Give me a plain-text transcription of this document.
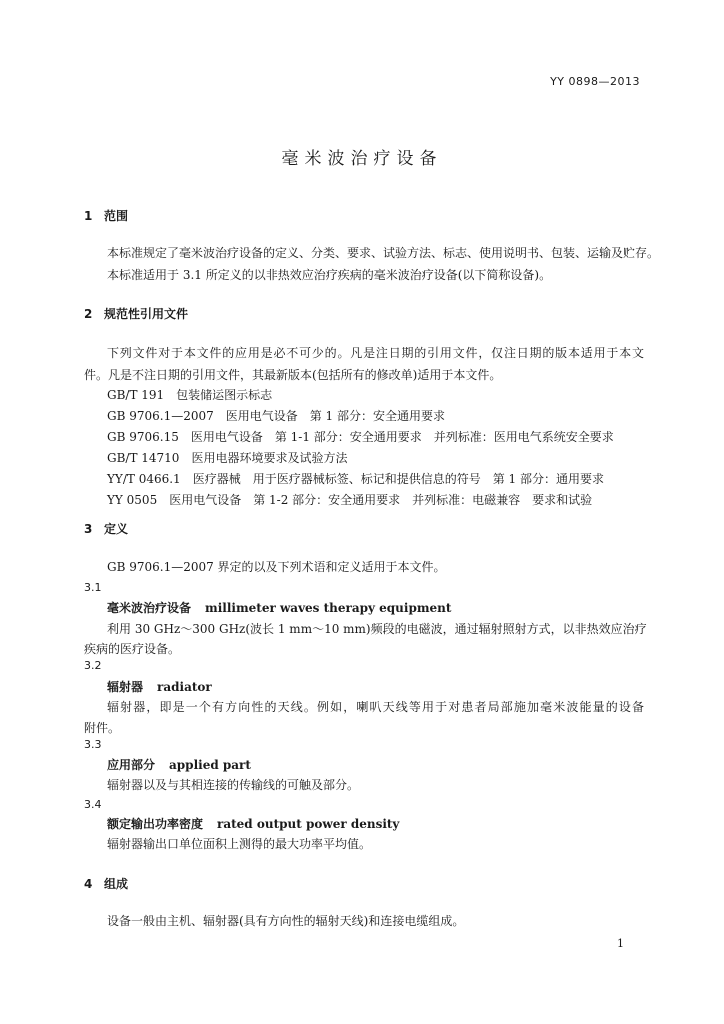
YY 0898—2013
毫米波治疗设备
1 范围
本标准规定了毫米波治疗设备的定义、分类、要求、试验方法、标志、使用说明书、包装、运输及贮存。
本标准适用于 3.1 所定义的以非热效应治疗疾病的毫米波治疗设备(以下简称设备)。
2 规范性引用文件
下列文件对于本文件的应用是必不可少的。凡是注日期的引用文件，仅注日期的版本适用于本文
件。凡是不注日期的引用文件，其最新版本(包括所有的修改单)适用于本文件。
GB/T 191　包装储运图示标志
GB 9706.1—2007　医用电气设备　第 1 部分：安全通用要求
GB 9706.15　医用电气设备　第 1-1 部分：安全通用要求　并列标准：医用电气系统安全要求
GB/T 14710　医用电器环境要求及试验方法
YY/T 0466.1　医疗器械　用于医疗器械标签、标记和提供信息的符号　第 1 部分：通用要求
YY 0505　医用电气设备　第 1-2 部分：安全通用要求　并列标准：电磁兼容　要求和试验
3 定义
GB 9706.1—2007 界定的以及下列术语和定义适用于本文件。
3.1
毫米波治疗设备 millimeter waves therapy equipment
利用 30 GHz～300 GHz(波长 1 mm～10 mm)频段的电磁波，通过辐射照射方式，以非热效应治疗
疾病的医疗设备。
3.2
辐射器 radiator
辐射器，即是一个有方向性的天线。例如，喇叭天线等用于对患者局部施加毫米波能量的设备
附件。
3.3
应用部分 applied part
辐射器以及与其相连接的传输线的可触及部分。
3.4
额定输出功率密度 rated output power density
辐射器输出口单位面积上测得的最大功率平均值。
4 组成
设备一般由主机、辐射器(具有方向性的辐射天线)和连接电缆组成。
1
